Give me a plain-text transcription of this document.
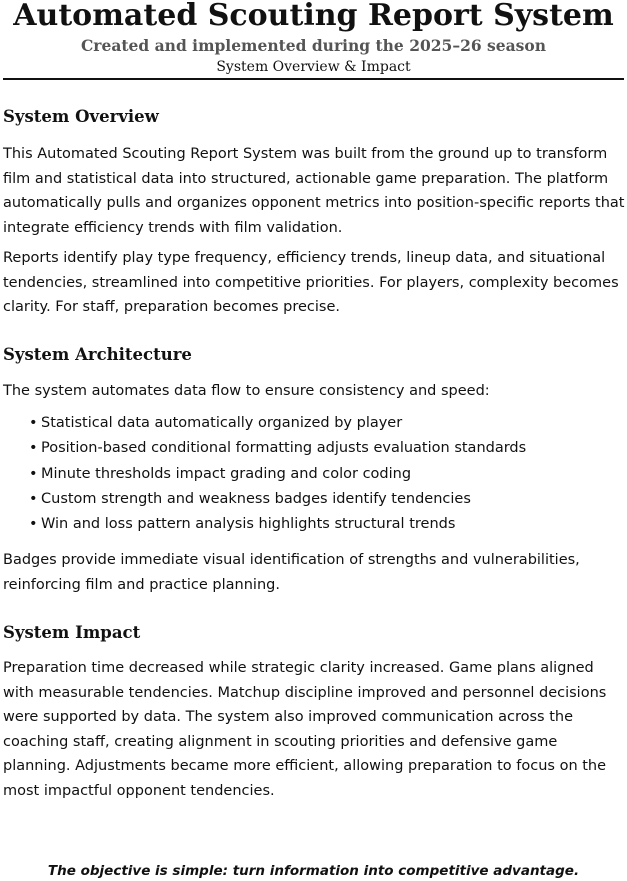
Automated Scouting Report System
Created and implemented during the 2025–26 season
System Overview & Impact
System Overview

This Automated Scouting Report System was built from the ground up to transform film and statistical data into structured, actionable game preparation. The platform automatically pulls and organizes opponent metrics into position-specific reports that integrate efficiency trends with film validation.

Reports identify play type frequency, efficiency trends, lineup data, and situational tendencies, streamlined into competitive priorities. For players, complexity becomes clarity. For staff, preparation becomes precise.

System Architecture

The system automates data flow to ensure consistency and speed:

• Statistical data automatically organized by player
• Position-based conditional formatting adjusts evaluation standards
• Minute thresholds impact grading and color coding
• Custom strength and weakness badges identify tendencies
• Win and loss pattern analysis highlights structural trends

Badges provide immediate visual identification of strengths and vulnerabilities, reinforcing film and practice planning.

System Impact

Preparation time decreased while strategic clarity increased. Game plans aligned with measurable tendencies. Matchup discipline improved and personnel decisions were supported by data. The system also improved communication across the coaching staff, creating alignment in scouting priorities and defensive game planning. Adjustments became more efficient, allowing preparation to focus on the most impactful opponent tendencies.

The objective is simple: turn information into competitive advantage.
